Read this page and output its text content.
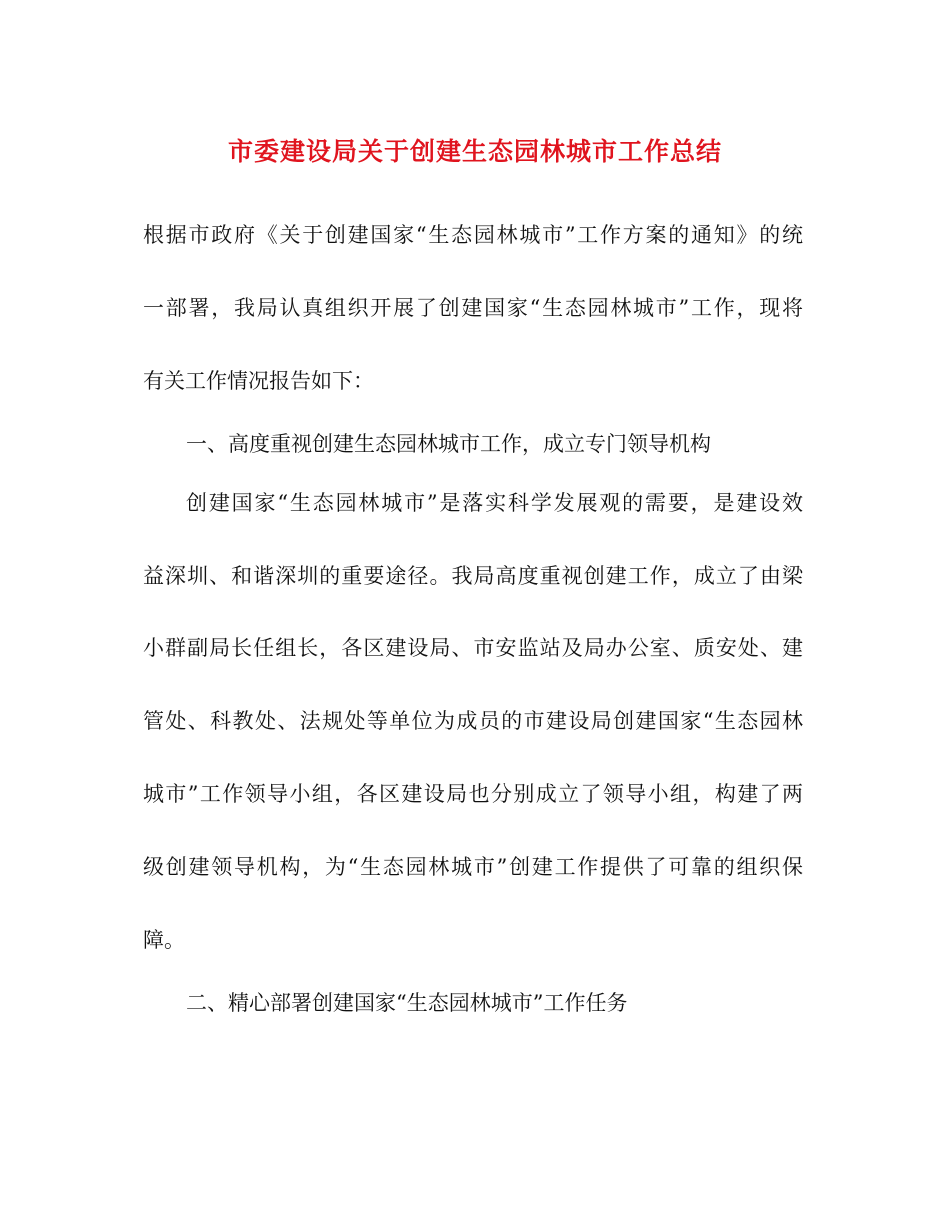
市委建设局关于创建生态园林城市工作总结

根据市政府《关于创建国家“生态园林城市”工作方案的通知》的统

一部署，我局认真组织开展了创建国家“生态园林城市”工作，现将

有关工作情况报告如下：

一、高度重视创建生态园林城市工作，成立专门领导机构

创建国家“生态园林城市”是落实科学发展观的需要，是建设效

益深圳、和谐深圳的重要途径。我局高度重视创建工作，成立了由梁

小群副局长任组长，各区建设局、市安监站及局办公室、质安处、建

管处、科教处、法规处等单位为成员的市建设局创建国家“生态园林

城市”工作领导小组，各区建设局也分别成立了领导小组，构建了两

级创建领导机构，为“生态园林城市”创建工作提供了可靠的组织保

障。

二、精心部署创建国家“生态园林城市”工作任务
